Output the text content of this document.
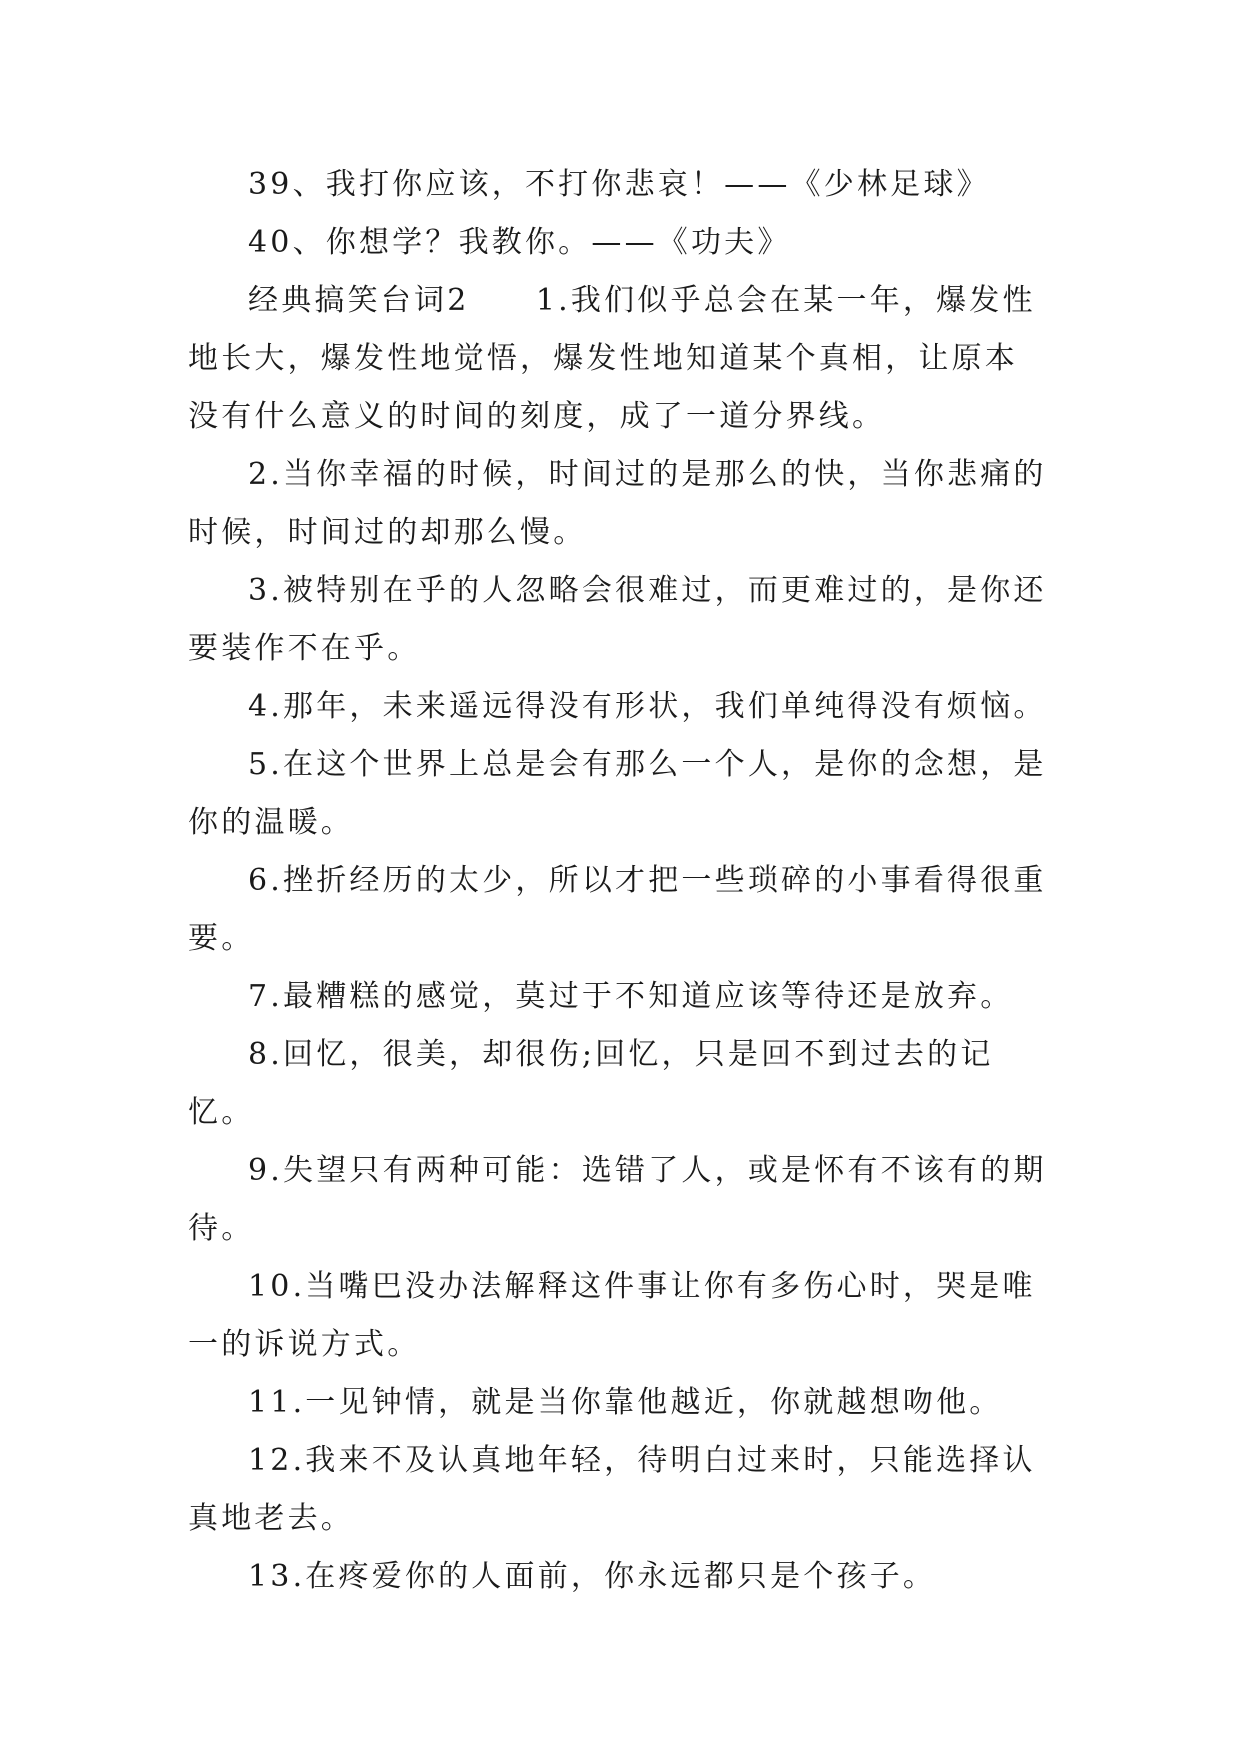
39、我打你应该，不打你悲哀！——《少林足球》

40、你想学？我教你。——《功夫》

经典搞笑台词2　　1.我们似乎总会在某一年，爆发性地长大，爆发性地觉悟，爆发性地知道某个真相，让原本没有什么意义的时间的刻度，成了一道分界线。

2.当你幸福的时候，时间过的是那么的快，当你悲痛的时候，时间过的却那么慢。

3.被特别在乎的人忽略会很难过，而更难过的，是你还要装作不在乎。

4.那年，未来遥远得没有形状，我们单纯得没有烦恼。

5.在这个世界上总是会有那么一个人，是你的念想，是你的温暖。

6.挫折经历的太少，所以才把一些琐碎的小事看得很重要。

7.最糟糕的感觉，莫过于不知道应该等待还是放弃。

8.回忆，很美，却很伤;回忆，只是回不到过去的记忆。

9.失望只有两种可能：选错了人，或是怀有不该有的期待。

10.当嘴巴没办法解释这件事让你有多伤心时，哭是唯一的诉说方式。

11.一见钟情，就是当你靠他越近，你就越想吻他。

12.我来不及认真地年轻，待明白过来时，只能选择认真地老去。

13.在疼爱你的人面前，你永远都只是个孩子。
